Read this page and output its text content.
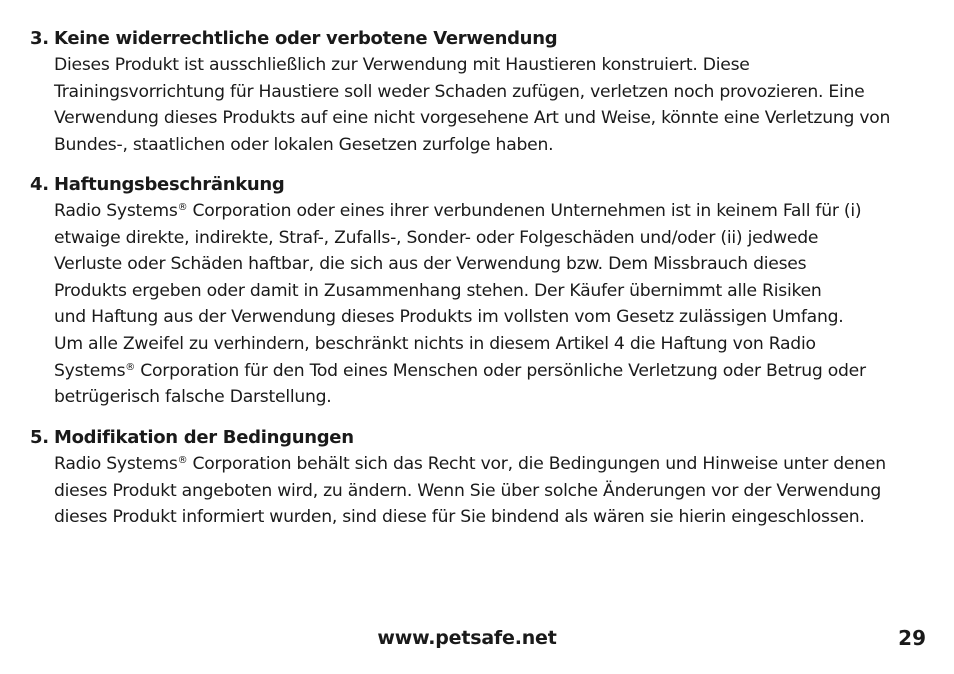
3. Keine widerrechtliche oder verbotene Verwendung

Dieses Produkt ist ausschließlich zur Verwendung mit Haustieren konstruiert. Diese
Trainingsvorrichtung für Haustiere soll weder Schaden zufügen, verletzen noch provozieren. Eine
Verwendung dieses Produkts auf eine nicht vorgesehene Art und Weise, könnte eine Verletzung von
Bundes-, staatlichen oder lokalen Gesetzen zurfolge haben.

4. Haftungsbeschränkung

Radio Systems® Corporation oder eines ihrer verbundenen Unternehmen ist in keinem Fall für (i)
etwaige direkte, indirekte, Straf-, Zufalls-, Sonder- oder Folgeschäden und/oder (ii) jedwede
Verluste oder Schäden haftbar, die sich aus der Verwendung bzw. Dem Missbrauch dieses
Produkts ergeben oder damit in Zusammenhang stehen. Der Käufer übernimmt alle Risiken
und Haftung aus der Verwendung dieses Produkts im vollsten vom Gesetz zulässigen Umfang.
Um alle Zweifel zu verhindern, beschränkt nichts in diesem Artikel 4 die Haftung von Radio
Systems® Corporation für den Tod eines Menschen oder persönliche Verletzung oder Betrug oder
betrügerisch falsche Darstellung.

5. Modifikation der Bedingungen

Radio Systems® Corporation behält sich das Recht vor, die Bedingungen und Hinweise unter denen
dieses Produkt angeboten wird, zu ändern. Wenn Sie über solche Änderungen vor der Verwendung
dieses Produkt informiert wurden, sind diese für Sie bindend als wären sie hierin eingeschlossen.

www.petsafe.net	29
